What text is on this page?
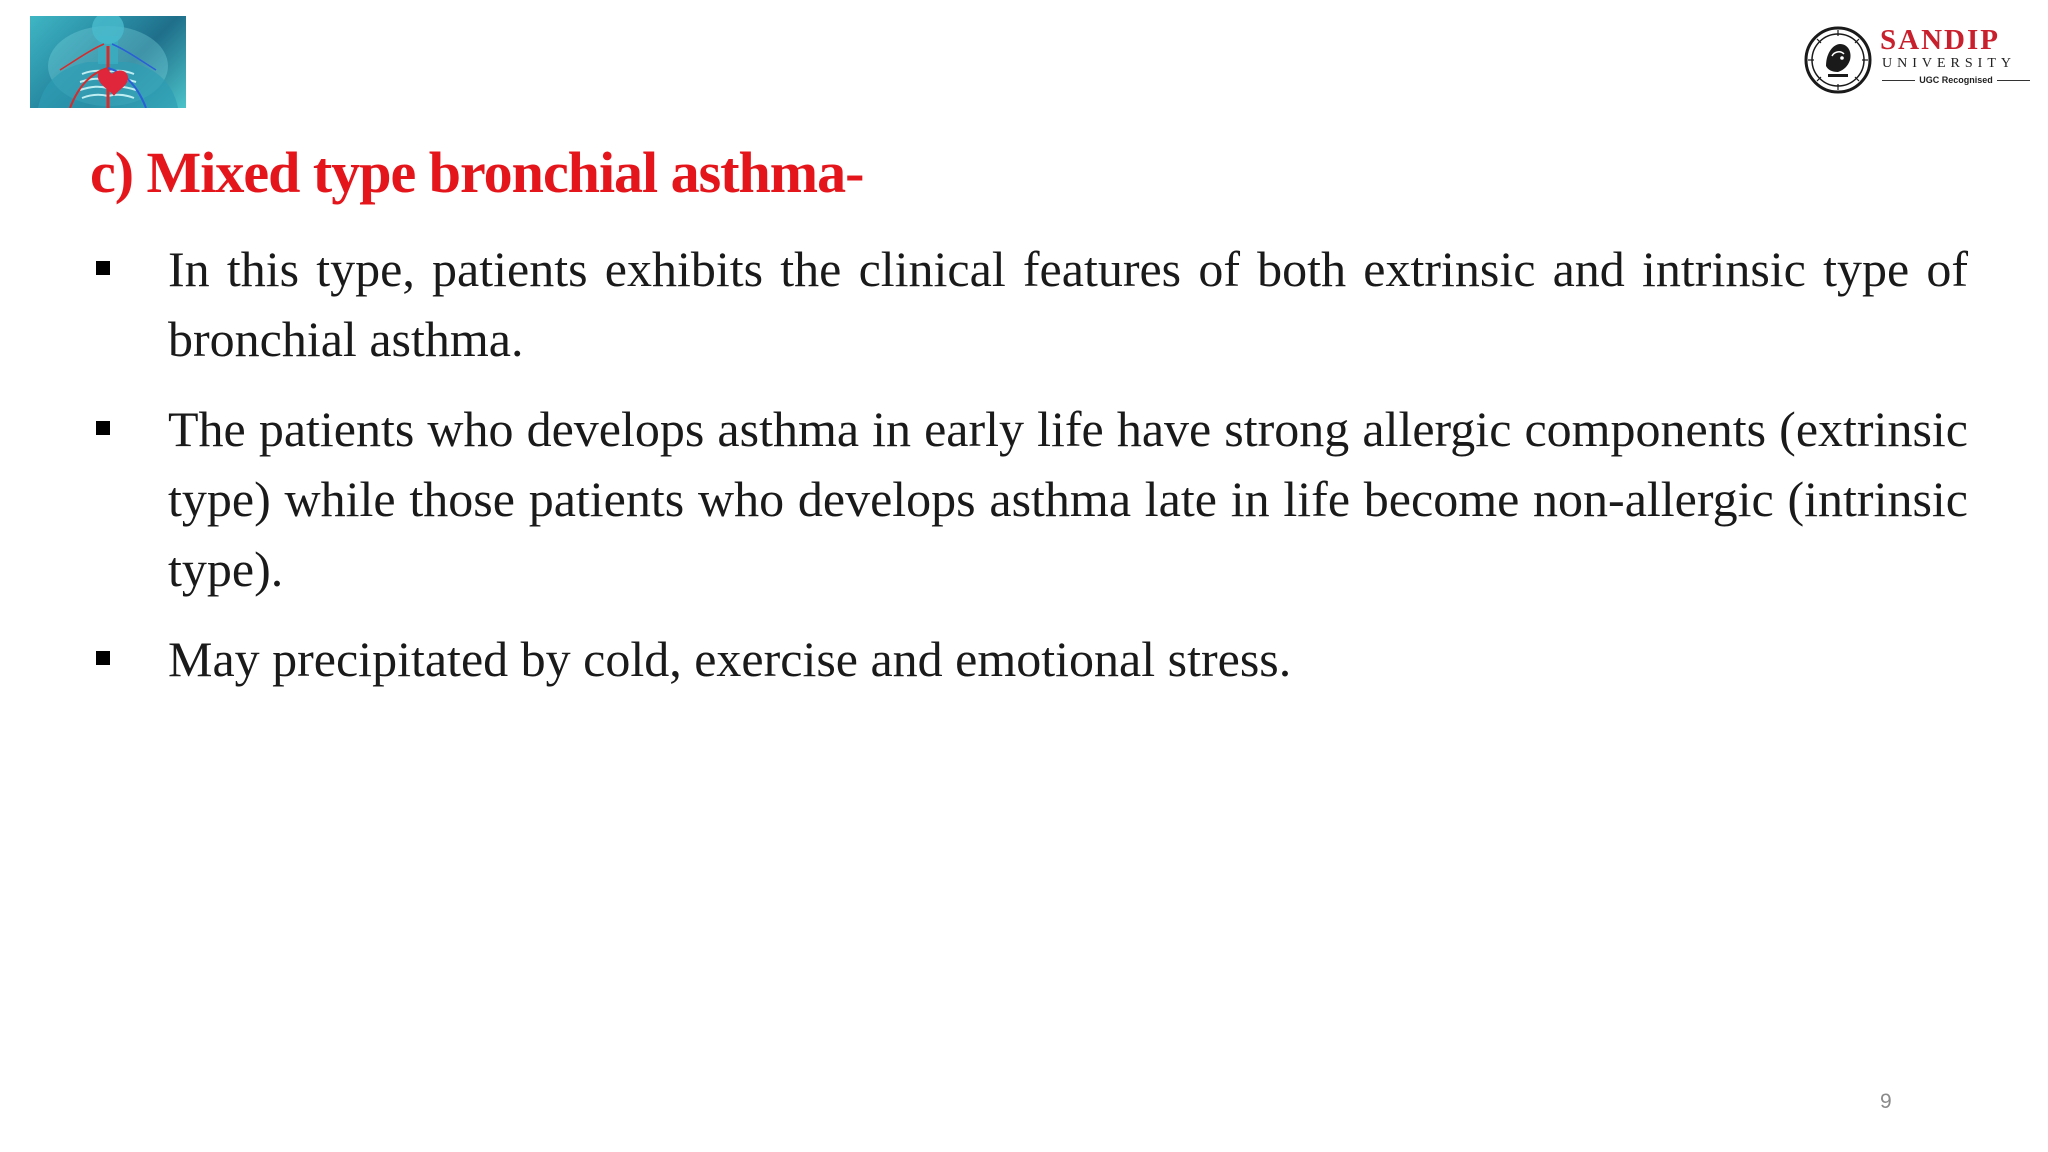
SANDIP
UNIVERSITY
UGC Recognised
c) Mixed type bronchial asthma-
In this type, patients exhibits the clinical features of both extrinsic and intrinsic type of bronchial asthma.
The patients who develops asthma in early life have strong allergic components (extrinsic type) while those patients who develops asthma late in life become non-allergic (intrinsic type).
May precipitated by cold, exercise and emotional stress.
9
